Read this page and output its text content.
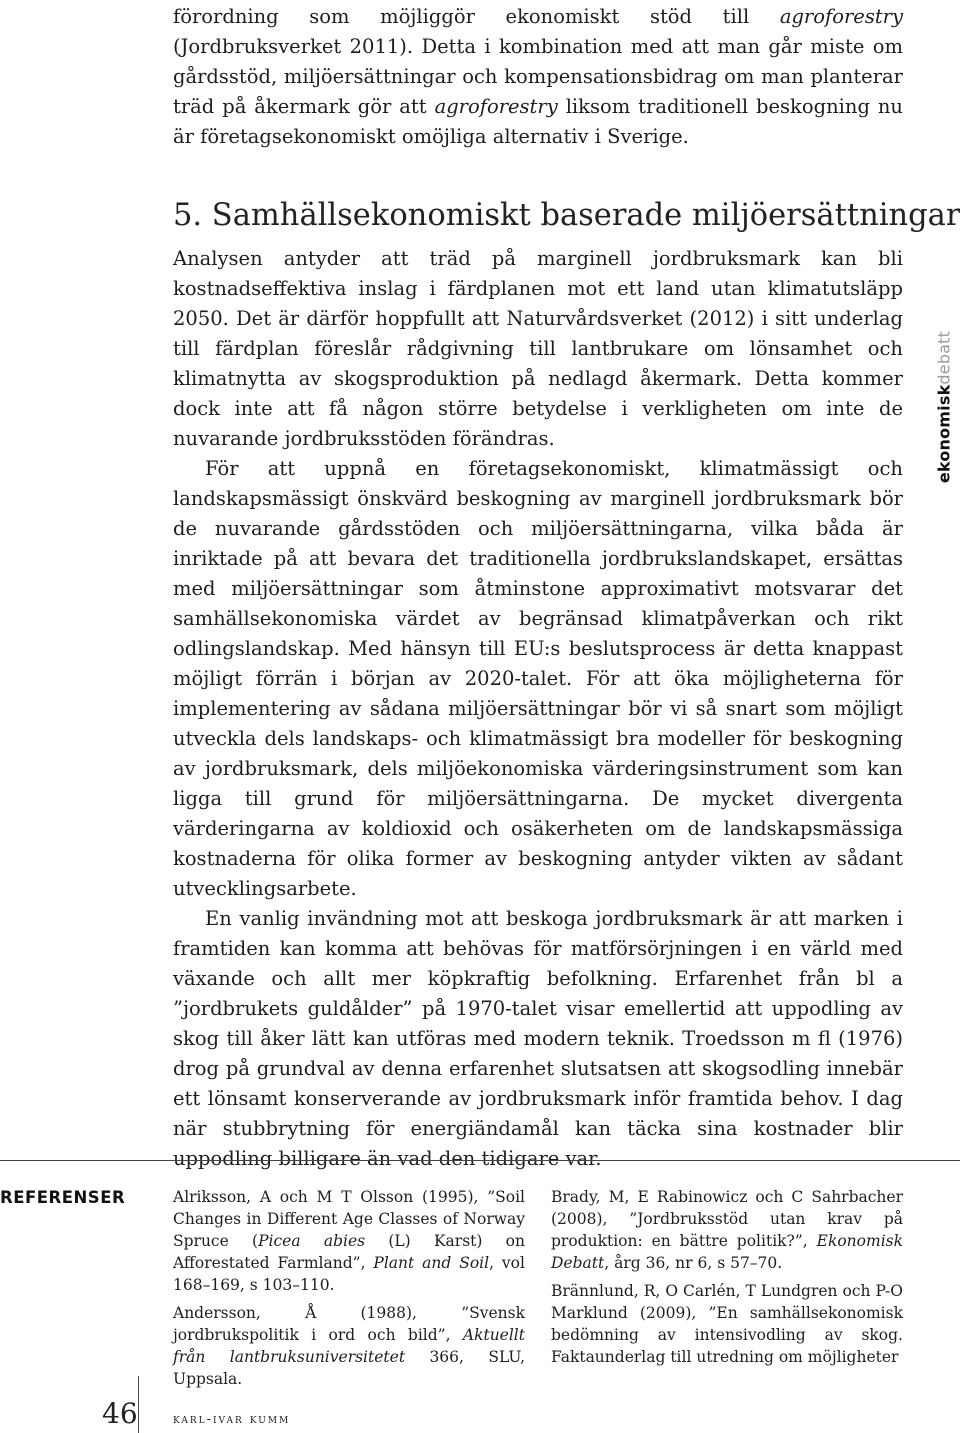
förordning som möjliggör ekonomiskt stöd till agroforestry (Jordbruksverket 2011). Detta i kombination med att man går miste om gårdsstöd, miljöersättningar och kompensationsbidrag om man planterar träd på åkermark gör att agroforestry liksom traditionell beskogning nu är företagsekonomiskt omöjliga alternativ i Sverige.

5. Samhällsekonomiskt baserade miljöersättningar

Analysen antyder att träd på marginell jordbruksmark kan bli kostnadseffektiva inslag i färdplanen mot ett land utan klimatutsläpp 2050. Det är därför hoppfullt att Naturvårdsverket (2012) i sitt underlag till färdplan föreslår rådgivning till lantbrukare om lönsamhet och klimatnytta av skogsproduktion på nedlagd åkermark. Detta kommer dock inte att få någon större betydelse i verkligheten om inte de nuvarande jordbruksstöden förändras.

För att uppnå en företagsekonomiskt, klimatmässigt och landskapsmässigt önskvärd beskogning av marginell jordbruksmark bör de nuvarande gårdsstöden och miljöersättningarna, vilka båda är inriktade på att bevara det traditionella jordbrukslandskapet, ersättas med miljöersättningar som åtminstone approximativt motsvarar det samhällsekonomiska värdet av begränsad klimatpåverkan och rikt odlingslandskap. Med hänsyn till EU:s beslutsprocess är detta knappast möjligt förrän i början av 2020-talet. För att öka möjligheterna för implementering av sådana miljöersättningar bör vi så snart som möjligt utveckla dels landskaps- och klimatmässigt bra modeller för beskogning av jordbruksmark, dels miljöekonomiska värderingsinstrument som kan ligga till grund för miljöersättningarna. De mycket divergenta värderingarna av koldioxid och osäkerheten om de landskapsmässiga kostnaderna för olika former av beskogning antyder vikten av sådant utvecklingsarbete.

En vanlig invändning mot att beskoga jordbruksmark är att marken i framtiden kan komma att behövas för matförsörjningen i en värld med växande och allt mer köpkraftig befolkning. Erfarenhet från bl a ”jordbrukets guldålder” på 1970-talet visar emellertid att uppodling av skog till åker lätt kan utföras med modern teknik. Troedsson m fl (1976) drog på grundval av denna erfarenhet slutsatsen att skogsodling innebär ett lönsamt konserverande av jordbruksmark inför framtida behov. I dag när stubbrytning för energiändamål kan täcka sina kostnader blir uppodling billigare än vad den tidigare var.

ekonomiskdebatt
REFERENSER	Alriksson, A och M T Olsson (1995), ”Soil Changes in Different Age Classes of Norway Spruce (Picea abies (L) Karst) on Afforestated Farmland”, Plant and Soil, vol 168–169, s 103–110.

Andersson, Å (1988), ”Svensk jordbrukspolitik i ord och bild”, Aktuellt från lantbruksuniversitetet 366, SLU, Uppsala.

Brady, M, E Rabinowicz och C Sahrbacher (2008), ”Jordbruksstöd utan krav på produktion: en bättre politik?”, Ekonomisk Debatt, årg 36, nr 6, s 57–70.

Brännlund, R, O Carlén, T Lundgren och P-O Marklund (2009), ”En samhällsekonomisk bedömning av intensivodling av skog. Faktaunderlag till utredning om möjligheter

46	karl-ivar kumm
